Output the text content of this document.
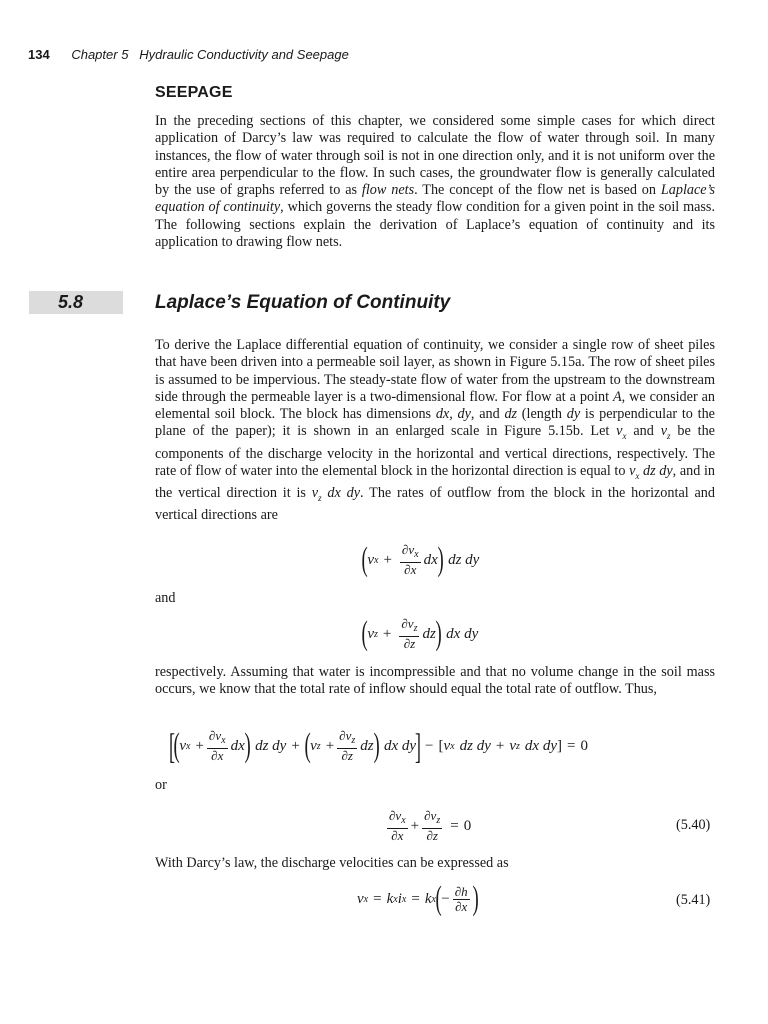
134 Chapter 5   Hydraulic Conductivity and Seepage
SEEPAGE

In the preceding sections of this chapter, we considered some simple cases for which direct application of Darcy’s law was required to calculate the flow of water through soil. In many instances, the flow of water through soil is not in one direction only, and it is not uniform over the entire area perpendicular to the flow. In such cases, the groundwater flow is generally calculated by the use of graphs referred to as flow nets. The concept of the flow net is based on Laplace’s equation of continuity, which governs the steady flow condition for a given point in the soil mass. The following sections explain the derivation of Laplace’s equation of continuity and its application to drawing flow nets.

5.8	Laplace’s Equation of Continuity

To derive the Laplace differential equation of continuity, we consider a single row of sheet piles that have been driven into a permeable soil layer, as shown in Figure 5.15a. The row of sheet piles is assumed to be impervious. The steady-state flow of water from the upstream to the downstream side through the permeable layer is a two-dimensional flow. For flow at a point A, we consider an elemental soil block. The block has dimensions dx, dy, and dz (length dy is perpendicular to the plane of the paper); it is shown in an enlarged scale in Figure 5.15b. Let $v_x$ and $v_z$ be the components of the discharge velocity in the horizontal and vertical directions, respectively. The rate of flow of water into the elemental block in the horizontal direction is equal to $v_x$ dz dy, and in the vertical direction it is $v_z$ dx dy. The rates of outflow from the block in the horizontal and vertical directions are

( v $x + \frac{\partial v_x}{\partial x}$ dx ) dz dy
and
( v $z + \frac{\partial v_z}{\partial z}$ dz ) dx dy

respectively. Assuming that water is incompressible and that no volume change in the soil mass occurs, we know that the total rate of inflow should equal the total rate of outflow. Thus,

[
( v $x + \frac{\partial v_x}{\partial x}$ dx ) dz dy + ( v $z + \frac{\partial v_z}{\partial z}$ dz ) dx dy ] − [ v x dz dy + v z dx dy ] = 0
or
$\frac{\partial v_x}{\partial x} + \frac{\partial v_z}{\partial z} = 0$	(5.40)
With Darcy’s law, the discharge velocities can be expressed as
v x = k x i x = k x ( − $\frac{\partial h}{\partial x}$ )	(5.41)
